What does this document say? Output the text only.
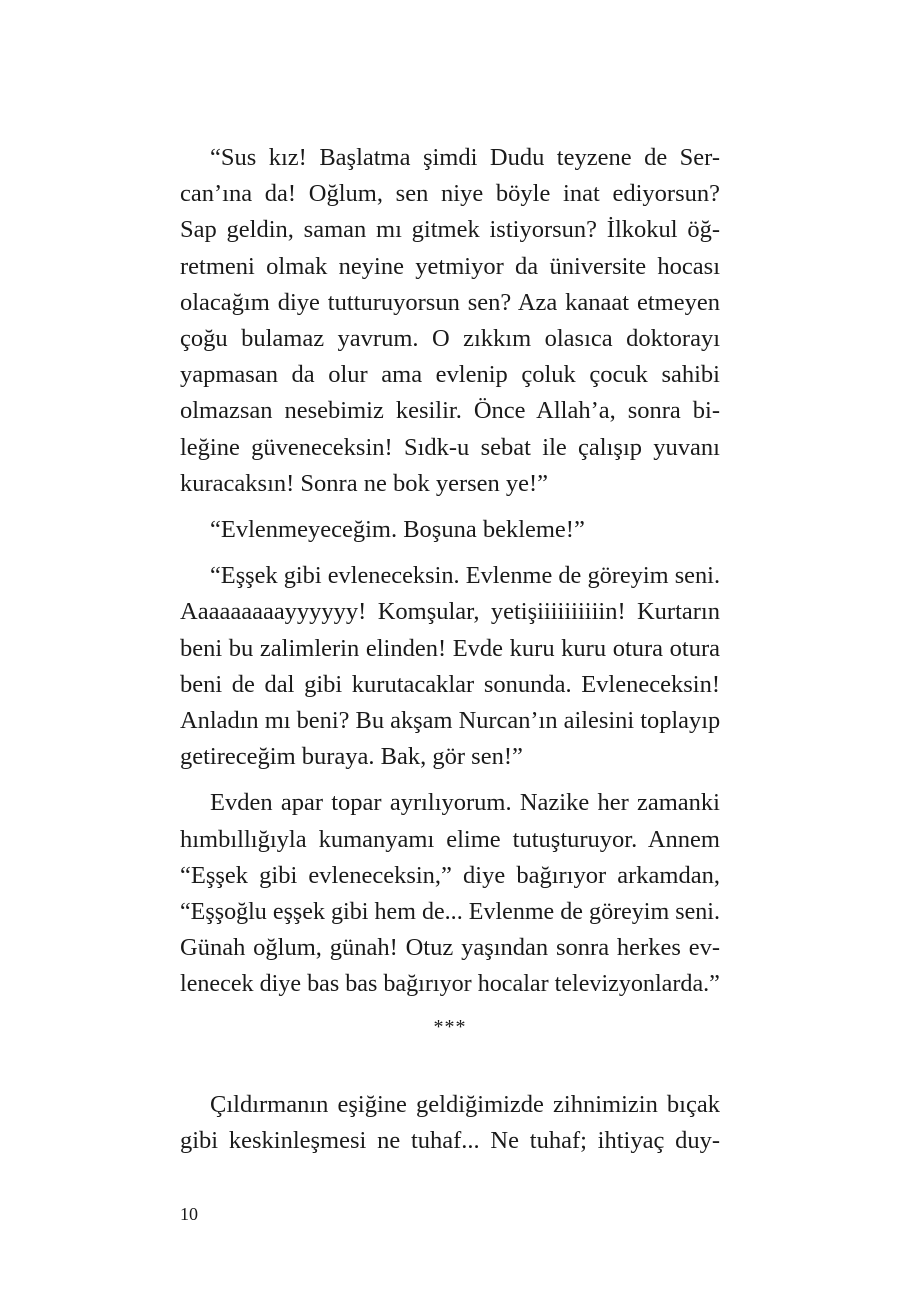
“Sus kız! Başlatma şimdi Dudu teyzene de Ser-
can’ına da! Oğlum, sen niye böyle inat ediyorsun?
Sap geldin, saman mı gitmek istiyorsun? İlkokul öğ-
retmeni olmak neyine yetmiyor da üniversite hocası
olacağım diye tutturuyorsun sen? Aza kanaat etmeyen
çoğu bulamaz yavrum. O zıkkım olasıca doktorayı
yapmasan da olur ama evlenip çoluk çocuk sahibi
olmazsan nesebimiz kesilir. Önce Allah’a, sonra bi-
leğine güveneceksin! Sıdk-u sebat ile çalışıp yuvanı
kuracaksın! Sonra ne bok yersen ye!”

“Evlenmeyeceğim. Boşuna bekleme!”

“Eşşek gibi evleneceksin. Evlenme de göreyim seni.
Aaaaaaaaayyyyyy! Komşular, yetişiiiiiiiiiin! Kurtarın
beni bu zalimlerin elinden! Evde kuru kuru otura otura
beni de dal gibi kurutacaklar sonunda. Evleneceksin!
Anladın mı beni? Bu akşam Nurcan’ın ailesini toplayıp
getireceğim buraya. Bak, gör sen!”

Evden apar topar ayrılıyorum. Nazike her zamanki
hımbıllığıyla kumanyamı elime tutuşturuyor. Annem
“Eşşek gibi evleneceksin,” diye bağırıyor arkamdan,
“Eşşoğlu eşşek gibi hem de... Evlenme de göreyim seni.
Günah oğlum, günah! Otuz yaşından sonra herkes ev-
lenecek diye bas bas bağırıyor hocalar televizyonlarda.”

***

Çıldırmanın eşiğine geldiğimizde zihnimizin bıçak
gibi keskinleşmesi ne tuhaf... Ne tuhaf; ihtiyaç duy-

10
